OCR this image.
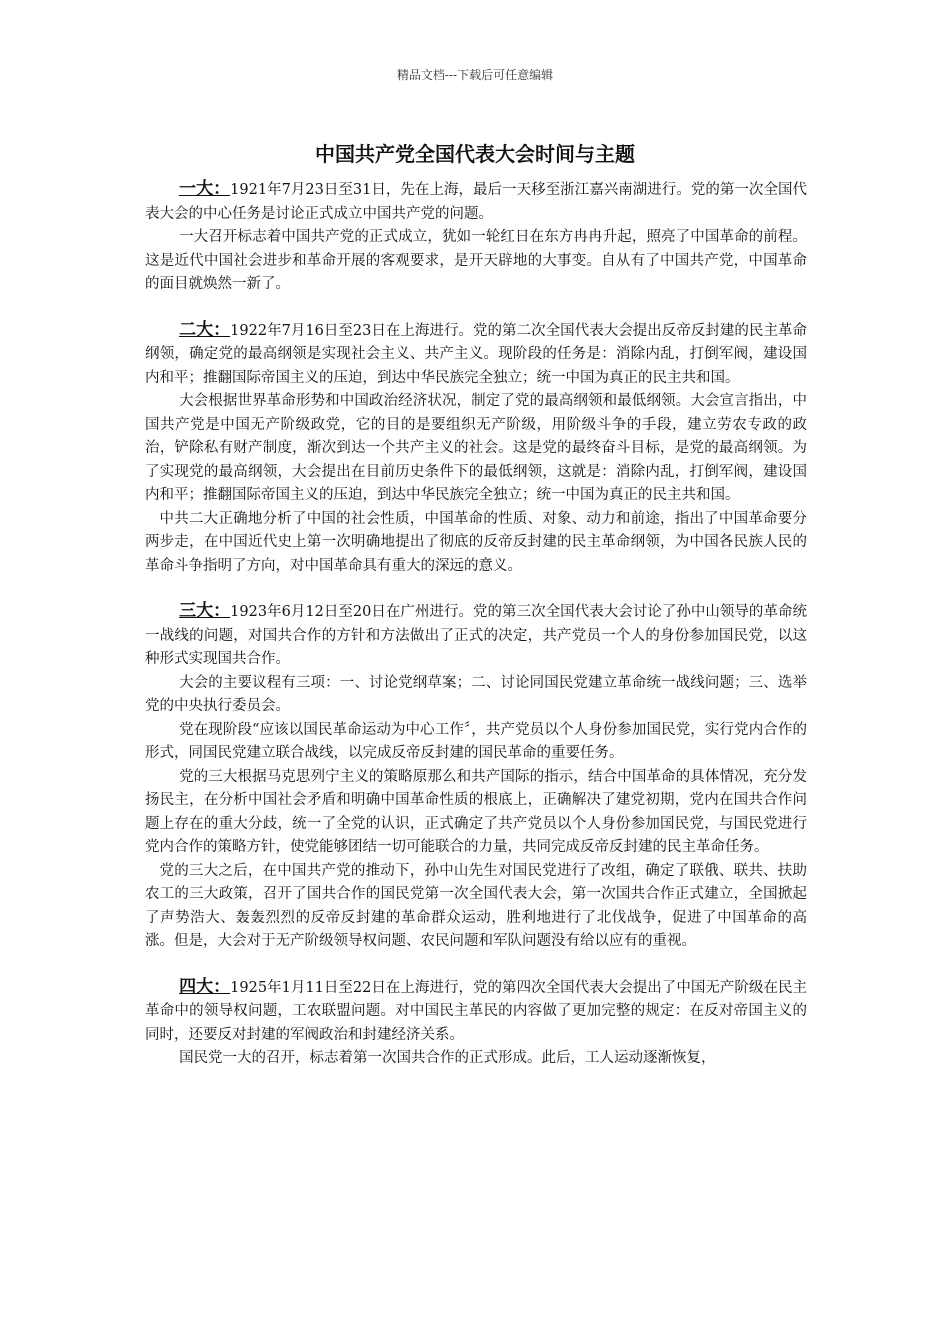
精品文档---下载后可任意编辑
中国共产党全国代表大会时间与主题

一大：1921年7月23日至31日，先在上海，最后一天移至浙江嘉兴南湖进行。党的第一次全国代表大会的中心任务是讨论正式成立中国共产党的问题。

一大召开标志着中国共产党的正式成立，犹如一轮红日在东方冉冉升起，照亮了中国革命的前程。这是近代中国社会进步和革命开展的客观要求，是开天辟地的大事变。自从有了中国共产党，中国革命的面目就焕然一新了。

二大：1922年7月16日至23日在上海进行。党的第二次全国代表大会提出反帝反封建的民主革命纲领，确定党的最高纲领是实现社会主义、共产主义。现阶段的任务是：消除内乱，打倒军阀，建设国内和平；推翻国际帝国主义的压迫，到达中华民族完全独立；统一中国为真正的民主共和国。

大会根据世界革命形势和中国政治经济状况，制定了党的最高纲领和最低纲领。大会宣言指出，中国共产党是中国无产阶级政党，它的目的是要组织无产阶级，用阶级斗争的手段，建立劳农专政的政治，铲除私有财产制度，渐次到达一个共产主义的社会。这是党的最终奋斗目标，是党的最高纲领。为了实现党的最高纲领，大会提出在目前历史条件下的最低纲领，这就是：消除内乱，打倒军阀，建设国内和平；推翻国际帝国主义的压迫，到达中华民族完全独立；统一中国为真正的民主共和国。

中共二大正确地分析了中国的社会性质，中国革命的性质、对象、动力和前途，指出了中国革命要分两步走，在中国近代史上第一次明确地提出了彻底的反帝反封建的民主革命纲领，为中国各民族人民的革命斗争指明了方向，对中国革命具有重大的深远的意义。

三大：1923年6月12日至20日在广州进行。党的第三次全国代表大会讨论了孙中山领导的革命统一战线的问题，对国共合作的方针和方法做出了正式的决定，共产党员一个人的身份参加国民党，以这种形式实现国共合作。

大会的主要议程有三项：一、讨论党纲草案；二、讨论同国民党建立革命统一战线问题；三、选举党的中央执行委员会。

党在现阶段“应该以国民革命运动为中心工作〞，共产党员以个人身份参加国民党，实行党内合作的形式，同国民党建立联合战线，以完成反帝反封建的国民革命的重要任务。

党的三大根据马克思列宁主义的策略原那么和共产国际的指示，结合中国革命的具体情况，充分发扬民主，在分析中国社会矛盾和明确中国革命性质的根底上，正确解决了建党初期，党内在国共合作问题上存在的重大分歧，统一了全党的认识，正式确定了共产党员以个人身份参加国民党，与国民党进行党内合作的策略方针，使党能够团结一切可能联合的力量，共同完成反帝反封建的民主革命任务。

党的三大之后，在中国共产党的推动下，孙中山先生对国民党进行了改组，确定了联俄、联共、扶助农工的三大政策，召开了国共合作的国民党第一次全国代表大会，第一次国共合作正式建立，全国掀起了声势浩大、轰轰烈烈的反帝反封建的革命群众运动，胜利地进行了北伐战争，促进了中国革命的高涨。但是，大会对于无产阶级领导权问题、农民问题和军队问题没有给以应有的重视。

四大：1925年1月11日至22日在上海进行，党的第四次全国代表大会提出了中国无产阶级在民主革命中的领导权问题，工农联盟问题。对中国民主革民的内容做了更加完整的规定：在反对帝国主义的同时，还要反对封建的军阀政治和封建经济关系。

国民党一大的召开，标志着第一次国共合作的正式形成。此后，工人运动逐渐恢复，
